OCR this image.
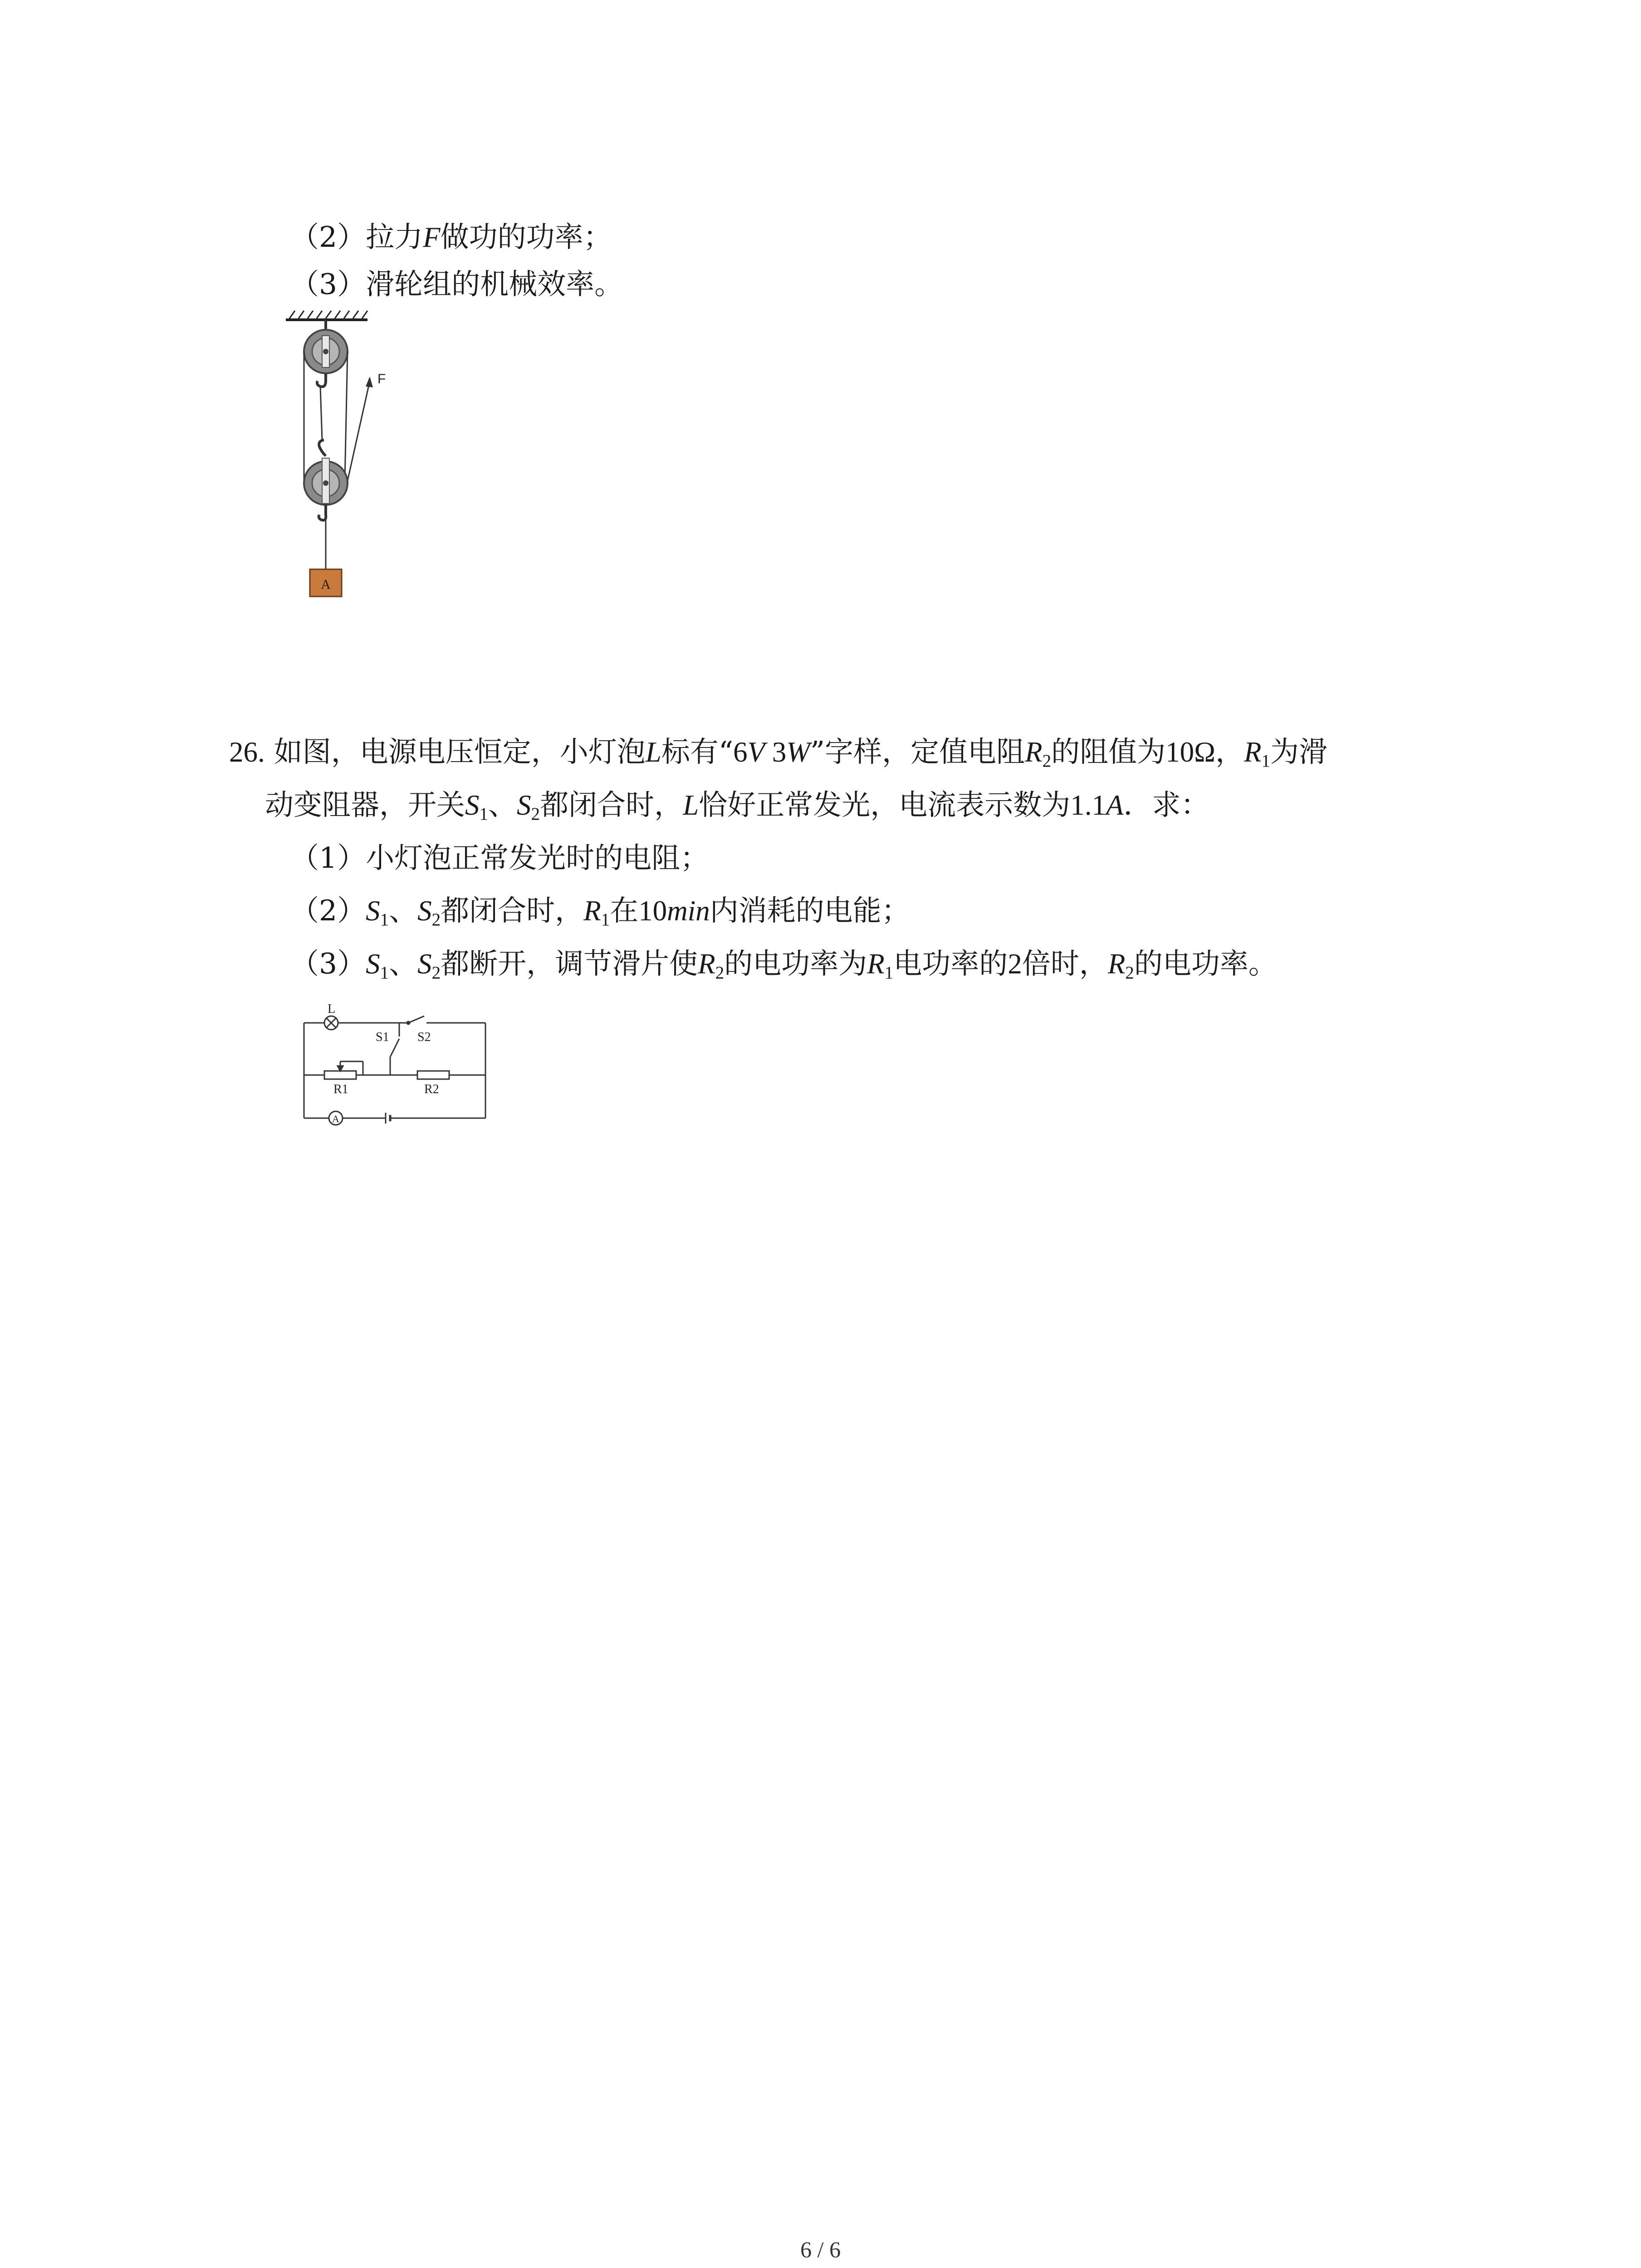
（2）拉力F做功的功率；
（3）滑轮组的机械效率。
F
A
26. 如图，电源电压恒定，小灯泡L标有“6V 3W”字样，定值电阻$R_2$的阻值为10Ω，$R_1$为滑
动变阻器，开关$S_1$、$S_2$都闭合时，L恰好正常发光，电流表示数为1.1A．求：
（1）小灯泡正常发光时的电阻；
$(2)S_1$、$S_2$都闭合时，$R_1$在10min内消耗的电能；
$(3)S_1$、$S_2$都断开，调节滑片使$R_2$的电功率为$R_1$电功率的2倍时，$R_2$的电功率。
L
S1 S2
R1	R2
A
6 / 6
